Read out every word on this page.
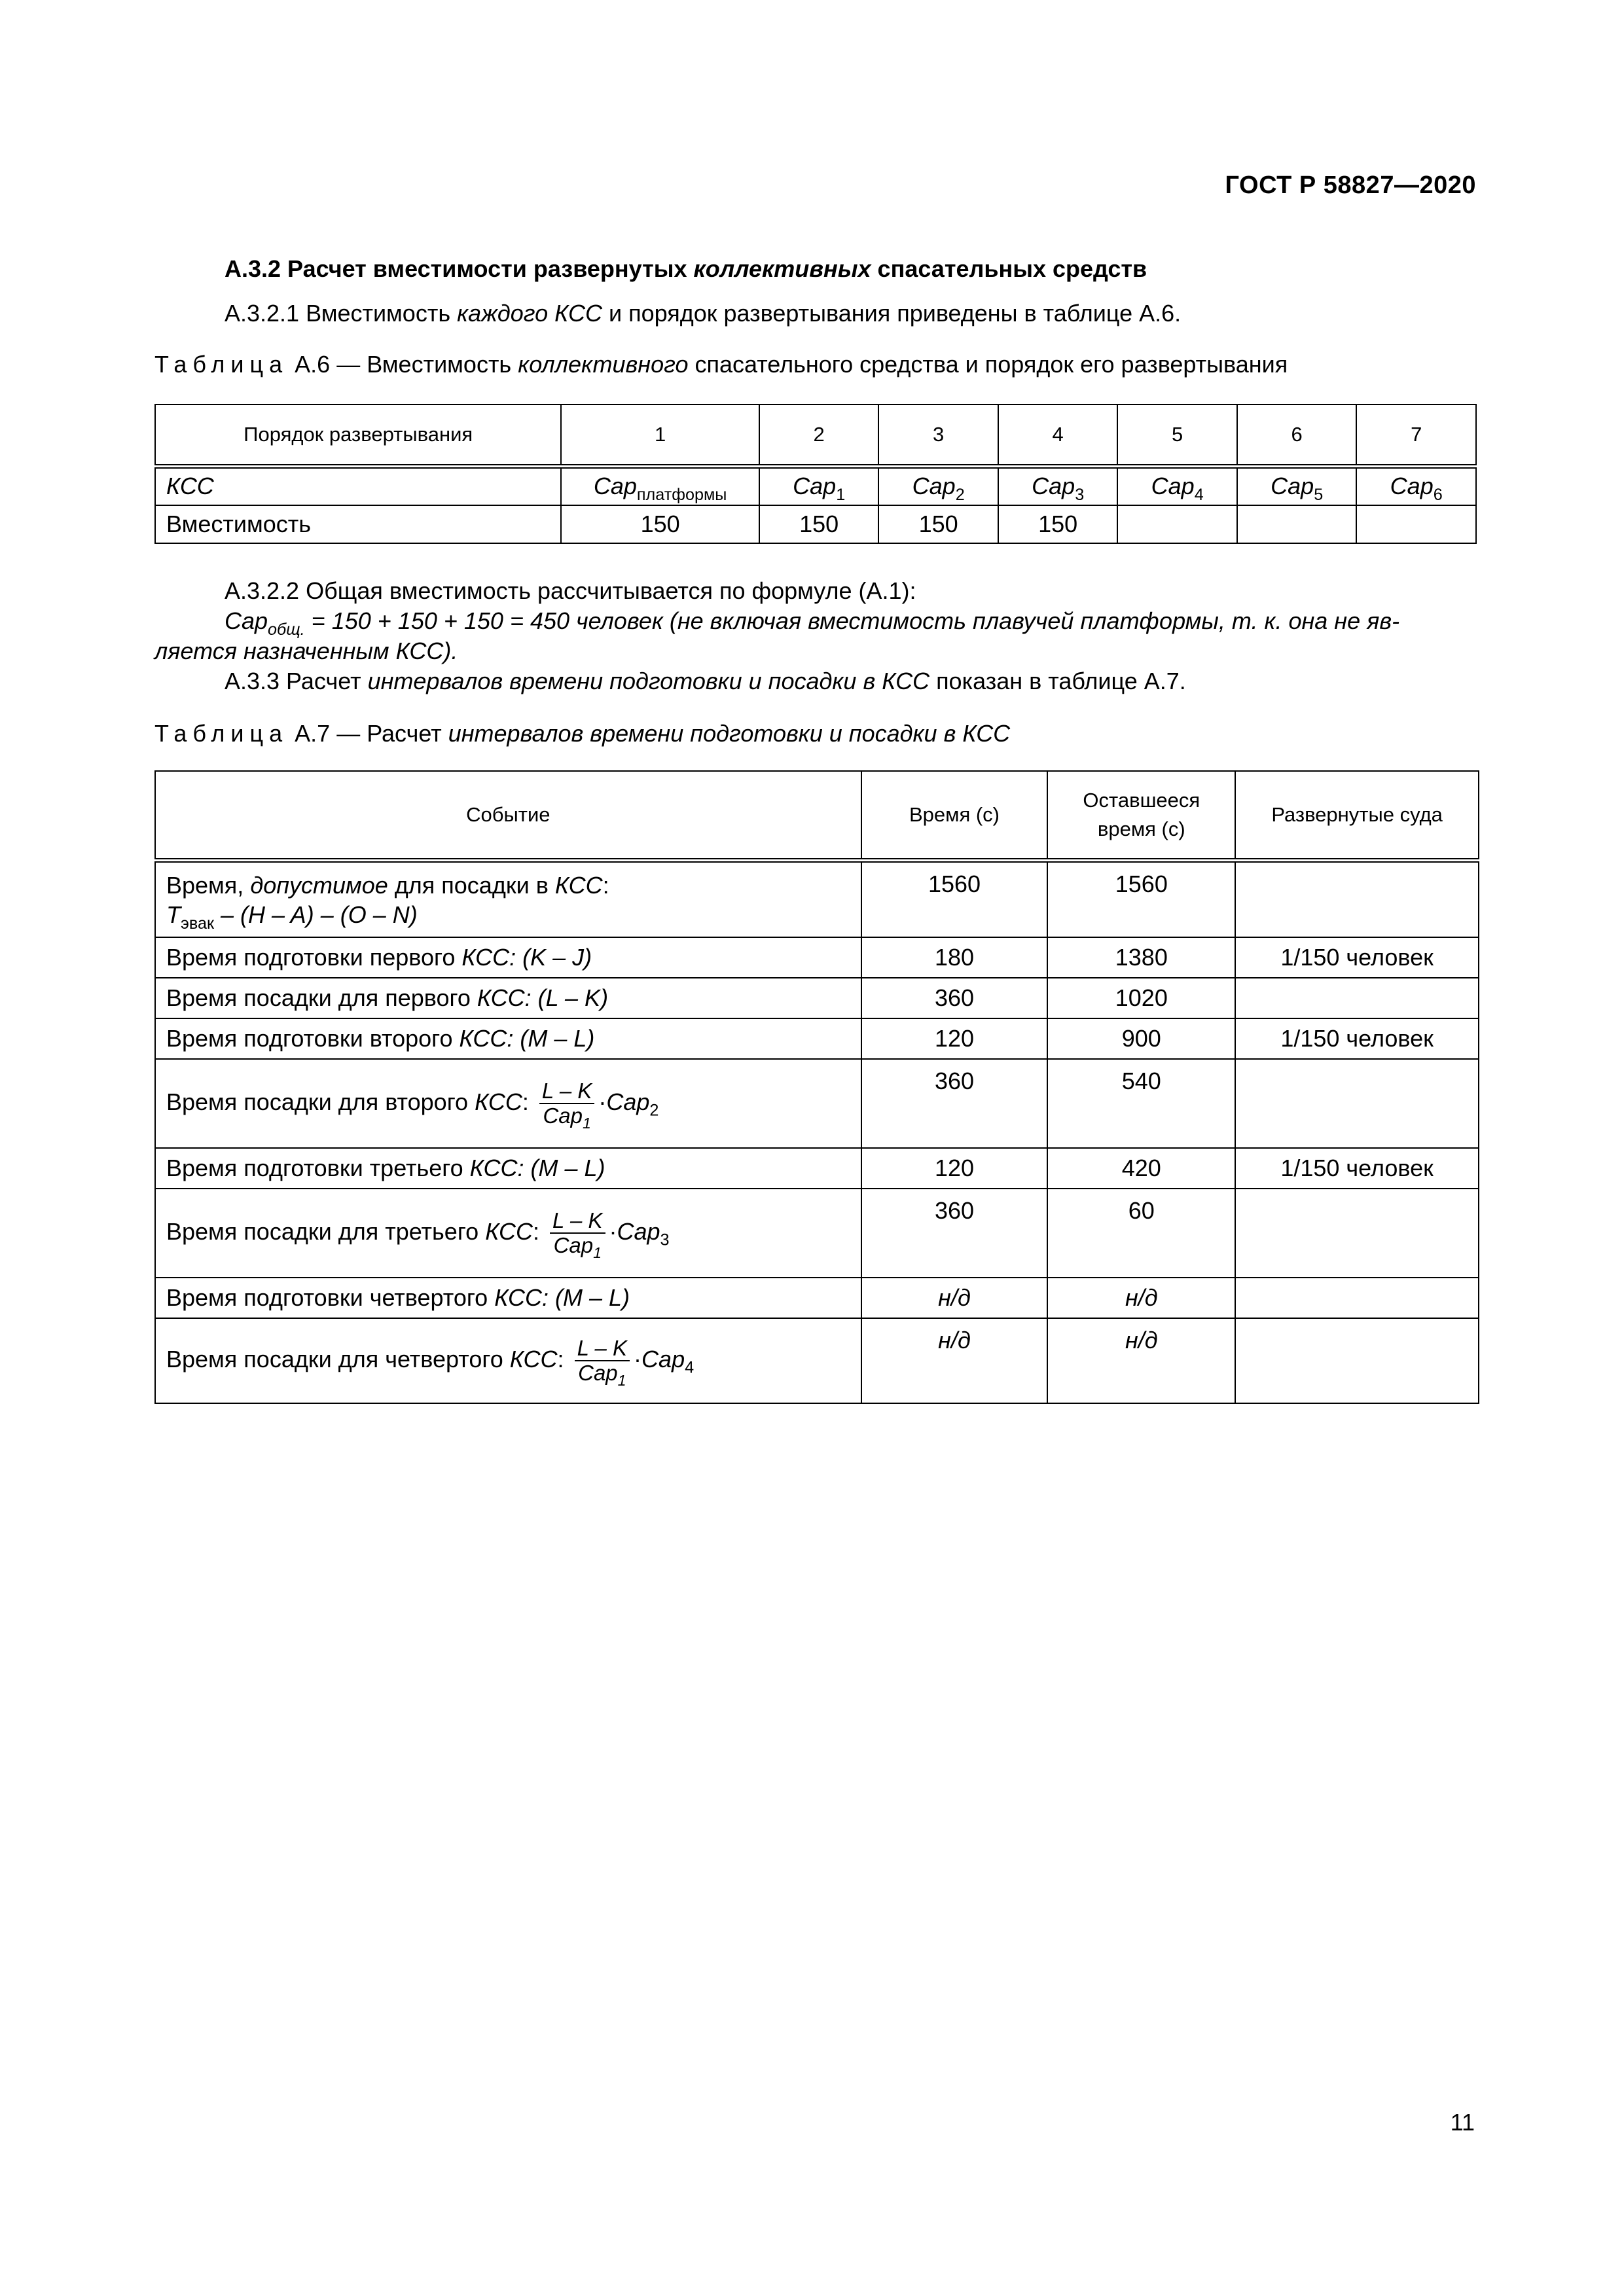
ГОСТ Р 58827—2020
А.3.2 Расчет вместимости развернутых коллективных спасательных средств
А.3.2.1 Вместимость каждого КСС и порядок развертывания приведены в таблице А.6.
Таблица А.6 — Вместимость коллективного спасательного средства и порядок его развертывания
Порядок развертывания	1	2	3	4	5	6	7
КСС	Cap$_{платформы}$	Cap$_1$	Cap$_2$	Cap$_3$	Cap$_4$	Cap$_5$	Cap$_6$
Вместимость	150	150	150	150			
А.3.2.2 Общая вместимость рассчитывается по формуле (А.1):
Cap$_{общ.}$ = 150 + 150 + 150 = 450 человек (не включая вместимость плавучей платформы, т. к. она не яв-
ляется назначенным КСС).
А.3.3 Расчет интервалов времени подготовки и посадки в КСС показан в таблице А.7.
Таблица А.7 — Расчет интервалов времени подготовки и посадки в КСС
Событие	Время (с)	Оставшееся время (с)	Развернутые суда
Время, допустимое для посадки в КСС:
$T_{эвак} - (H - A) - (O - N)$	1560	1560	
Время подготовки первого КСС: (K – J)	180	1380	1/150 человек
Время посадки для первого КСС: (L – K)	360	1020	
Время подготовки второго КСС: (M – L)	120	900	1/150 человек
Время посадки для второго КСС: $\frac{L - K}{Cap_1} \cdot Cap_2$	360	540	
Время подготовки третьего КСС: (M – L)	120	420	1/150 человек
Время посадки для третьего КСС: $\frac{L - K}{Cap_1} \cdot Cap_3$	360	60	
Время подготовки четвертого КСС: (M – L)	н/д	н/д	
Время посадки для четвертого КСС: $\frac{L - K}{Cap_1} \cdot Cap_4$	н/д	н/д	
11
